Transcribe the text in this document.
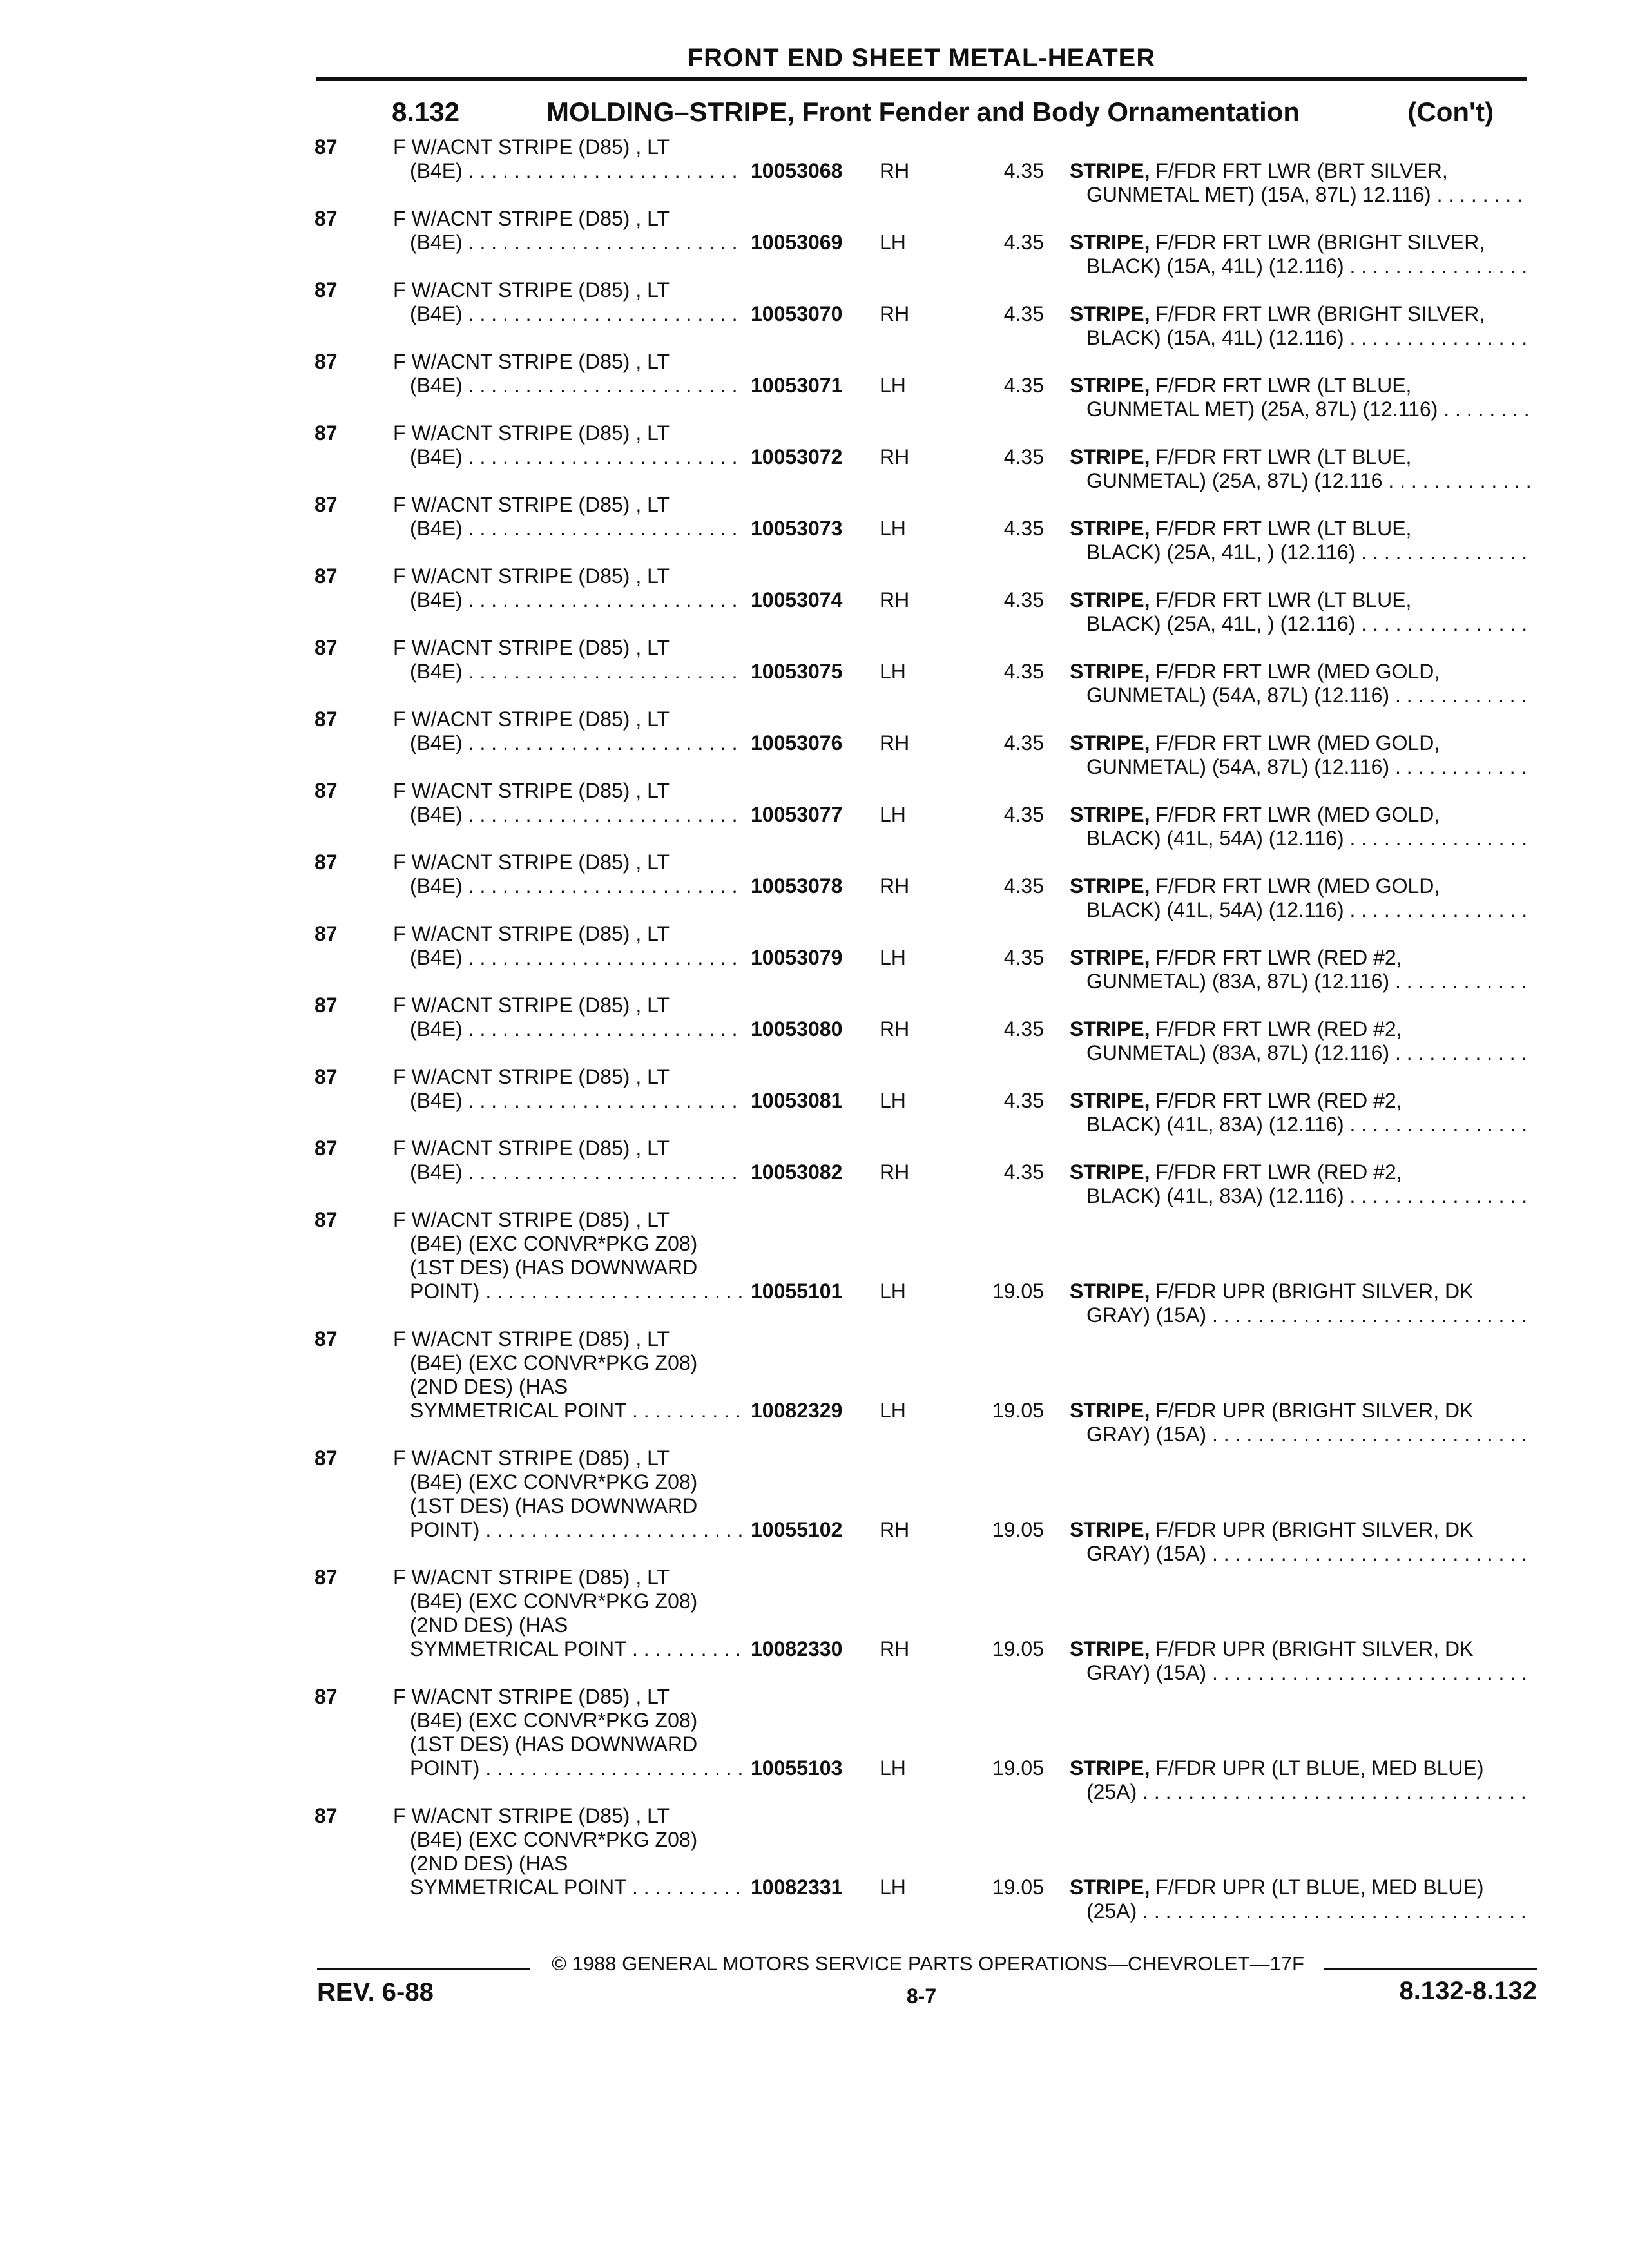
FRONT END SHEET METAL-HEATER
8.132	MOLDING–STRIPE, Front Fender and Body Ornamentation	(Con't)
87	F W/ACNT STRIPE (D85) , LT
(B4E) . . .	10053068 RH	4.35 STRIPE, F/FDR FRT LWR (BRT SILVER,
GUNMETAL MET) (15A, 87L) 12.116) . . .
87	F W/ACNT STRIPE (D85) , LT
(B4E) . . .	10053069 LH	4.35 STRIPE, F/FDR FRT LWR (BRIGHT SILVER,
BLACK) (15A, 41L) (12.116) . . .
87	F W/ACNT STRIPE (D85) , LT
(B4E) . . .	10053070 RH	4.35 STRIPE, F/FDR FRT LWR (BRIGHT SILVER,
BLACK) (15A, 41L) (12.116) . . .
87	F W/ACNT STRIPE (D85) , LT
(B4E) . . .	10053071 LH	4.35 STRIPE, F/FDR FRT LWR (LT BLUE,
GUNMETAL MET) (25A, 87L) (12.116) . . .
87	F W/ACNT STRIPE (D85) , LT
(B4E) . . .	10053072 RH	4.35 STRIPE, F/FDR FRT LWR (LT BLUE,
GUNMETAL) (25A, 87L) (12.116 . . .
87	F W/ACNT STRIPE (D85) , LT
(B4E) . . .	10053073 LH	4.35 STRIPE, F/FDR FRT LWR (LT BLUE,
BLACK) (25A, 41L, ) (12.116) . . .
87	F W/ACNT STRIPE (D85) , LT
(B4E) . . .	10053074 RH	4.35 STRIPE, F/FDR FRT LWR (LT BLUE,
BLACK) (25A, 41L, ) (12.116) . . .
87	F W/ACNT STRIPE (D85) , LT
(B4E) . . .	10053075 LH	4.35 STRIPE, F/FDR FRT LWR (MED GOLD,
GUNMETAL) (54A, 87L) (12.116) . . .
87	F W/ACNT STRIPE (D85) , LT
(B4E) . . .	10053076 RH	4.35 STRIPE, F/FDR FRT LWR (MED GOLD,
GUNMETAL) (54A, 87L) (12.116) . . .
87	F W/ACNT STRIPE (D85) , LT
(B4E) . . .	10053077 LH	4.35 STRIPE, F/FDR FRT LWR (MED GOLD,
BLACK) (41L, 54A) (12.116) . . .
87	F W/ACNT STRIPE (D85) , LT
(B4E) . . .	10053078 RH	4.35 STRIPE, F/FDR FRT LWR (MED GOLD,
BLACK) (41L, 54A) (12.116) . . .
87	F W/ACNT STRIPE (D85) , LT
(B4E) . . .	10053079 LH	4.35 STRIPE, F/FDR FRT LWR (RED #2,
GUNMETAL) (83A, 87L) (12.116) . . .
87	F W/ACNT STRIPE (D85) , LT
(B4E) . . .	10053080 RH	4.35 STRIPE, F/FDR FRT LWR (RED #2,
GUNMETAL) (83A, 87L) (12.116) . . .
87	F W/ACNT STRIPE (D85) , LT
(B4E) . . .	10053081 LH	4.35 STRIPE, F/FDR FRT LWR (RED #2,
BLACK) (41L, 83A) (12.116) . . .
87	F W/ACNT STRIPE (D85) , LT
(B4E) . . .	10053082 RH	4.35 STRIPE, F/FDR FRT LWR (RED #2,
BLACK) (41L, 83A) (12.116) . . .
87	F W/ACNT STRIPE (D85) , LT
(B4E) (EXC CONVR*PKG Z08)
(1ST DES) (HAS DOWNWARD
POINT) . . .	10055101 LH	19.05 STRIPE, F/FDR UPR (BRIGHT SILVER, DK
GRAY) (15A) . . .
87	F W/ACNT STRIPE (D85) , LT
(B4E) (EXC CONVR*PKG Z08)
(2ND DES) (HAS
SYMMETRICAL POINT . . .	10082329 LH	19.05 STRIPE, F/FDR UPR (BRIGHT SILVER, DK
GRAY) (15A) . . .
87	F W/ACNT STRIPE (D85) , LT
(B4E) (EXC CONVR*PKG Z08)
(1ST DES) (HAS DOWNWARD
POINT) . . .	10055102 RH	19.05 STRIPE, F/FDR UPR (BRIGHT SILVER, DK
GRAY) (15A) . . .
87	F W/ACNT STRIPE (D85) , LT
(B4E) (EXC CONVR*PKG Z08)
(2ND DES) (HAS
SYMMETRICAL POINT . . .	10082330 RH	19.05 STRIPE, F/FDR UPR (BRIGHT SILVER, DK
GRAY) (15A) . . .
87	F W/ACNT STRIPE (D85) , LT
(B4E) (EXC CONVR*PKG Z08)
(1ST DES) (HAS DOWNWARD
POINT) . . .	10055103 LH	19.05 STRIPE, F/FDR UPR (LT BLUE, MED BLUE)
(25A) . . .
87	F W/ACNT STRIPE (D85) , LT
(B4E) (EXC CONVR*PKG Z08)
(2ND DES) (HAS
SYMMETRICAL POINT . . .	10082331 LH	19.05 STRIPE, F/FDR UPR (LT BLUE, MED BLUE)
(25A) . . .
© 1988 GENERAL MOTORS SERVICE PARTS OPERATIONS—CHEVROLET—17F
REV. 6-88	8-7	8.132-8.132
